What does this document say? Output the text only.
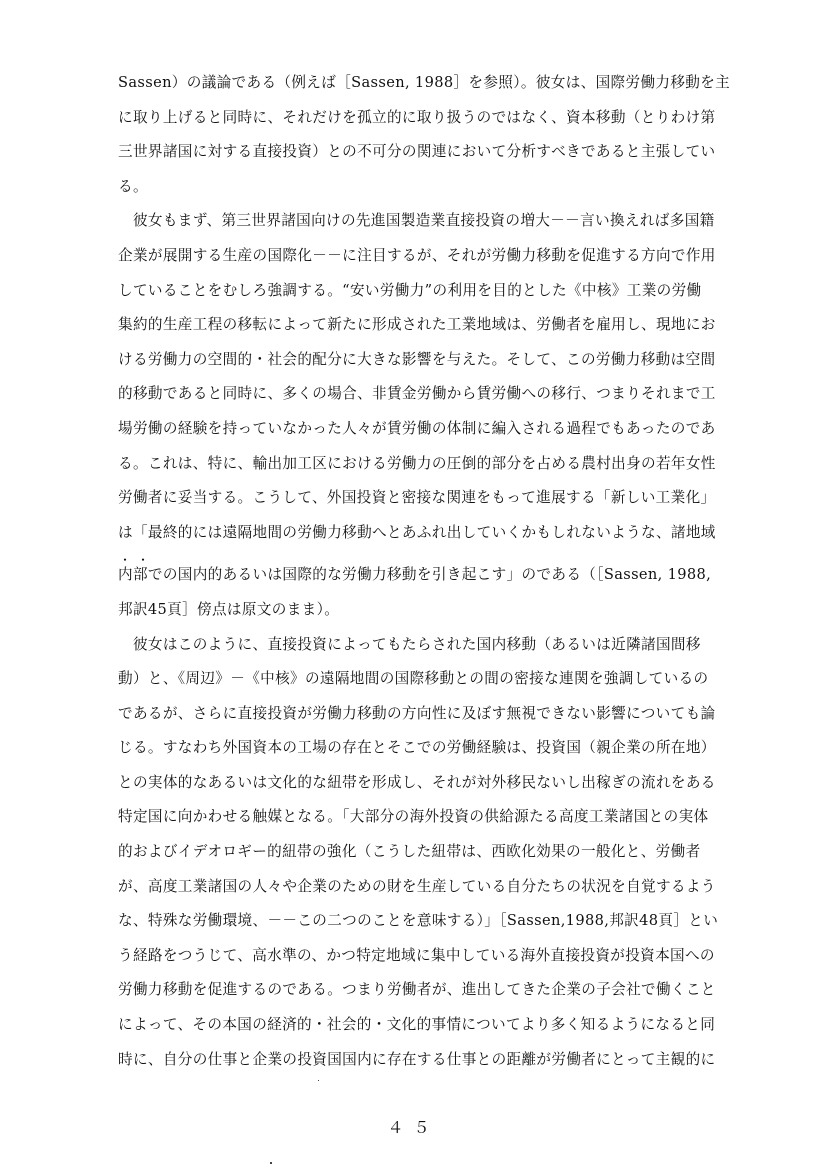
Sassen）の議論である（例えば［Sassen, 1988］を参照）。彼女は、国際労働力移動を主
に取り上げると同時に、それだけを孤立的に取り扱うのではなく、資本移動（とりわけ第
三世界諸国に対する直接投資）との不可分の関連において分析すべきであると主張してい
る。
　彼女もまず、第三世界諸国向けの先進国製造業直接投資の増大－－言い換えれば多国籍
企業が展開する生産の国際化－－に注目するが、それが労働力移動を促進する方向で作用
していることをむしろ強調する。“安い労働力”の利用を目的とした《中核》工業の労働
集約的生産工程の移転によって新たに形成された工業地域は、労働者を雇用し、現地にお
ける労働力の空間的・社会的配分に大きな影響を与えた。そして、この労働力移動は空間
的移動であると同時に、多くの場合、非賃金労働から賃労働への移行、つまりそれまで工
場労働の経験を持っていなかった人々が賃労働の体制に編入される過程でもあったのであ
る。これは、特に、輸出加工区における労働力の圧倒的部分を占める農村出身の若年女性
労働者に妥当する。こうして、外国投資と密接な関連をもって進展する「新しい工業化」
は「最終的には遠隔地間の労働力移動へとあふれ出していくかもしれないような、諸地域
・・
内部での国内的あるいは国際的な労働力移動を引き起こす」のである（［Sassen, 1988,
邦訳45頁］傍点は原文のまま）。
　彼女はこのように、直接投資によってもたらされた国内移動（あるいは近隣諸国間移
動）と、《周辺》－《中核》の遠隔地間の国際移動との間の密接な連関を強調しているの
であるが、さらに直接投資が労働力移動の方向性に及ぼす無視できない影響についても論
じる。すなわち外国資本の工場の存在とそこでの労働経験は、投資国（親企業の所在地）
との実体的なあるいは文化的な紐帯を形成し、それが対外移民ないし出稼ぎの流れをある
特定国に向かわせる触媒となる。「大部分の海外投資の供給源たる高度工業諸国との実体
的およびイデオロギー的紐帯の強化（こうした紐帯は、西欧化効果の一般化と、労働者
が、高度工業諸国の人々や企業のための財を生産している自分たちの状況を自覚するよう
な、特殊な労働環境、－－この二つのことを意味する）」［Sassen,1988,邦訳48頁］とい
う経路をつうじて、高水準の、かつ特定地域に集中している海外直接投資が投資本国への
労働力移動を促進するのである。つまり労働者が、進出してきた企業の子会社で働くこと
によって、その本国の経済的・社会的・文化的事情についてより多く知るようになると同
時に、自分の仕事と企業の投資国国内に存在する仕事との距離が労働者にとって主観的に
４５
